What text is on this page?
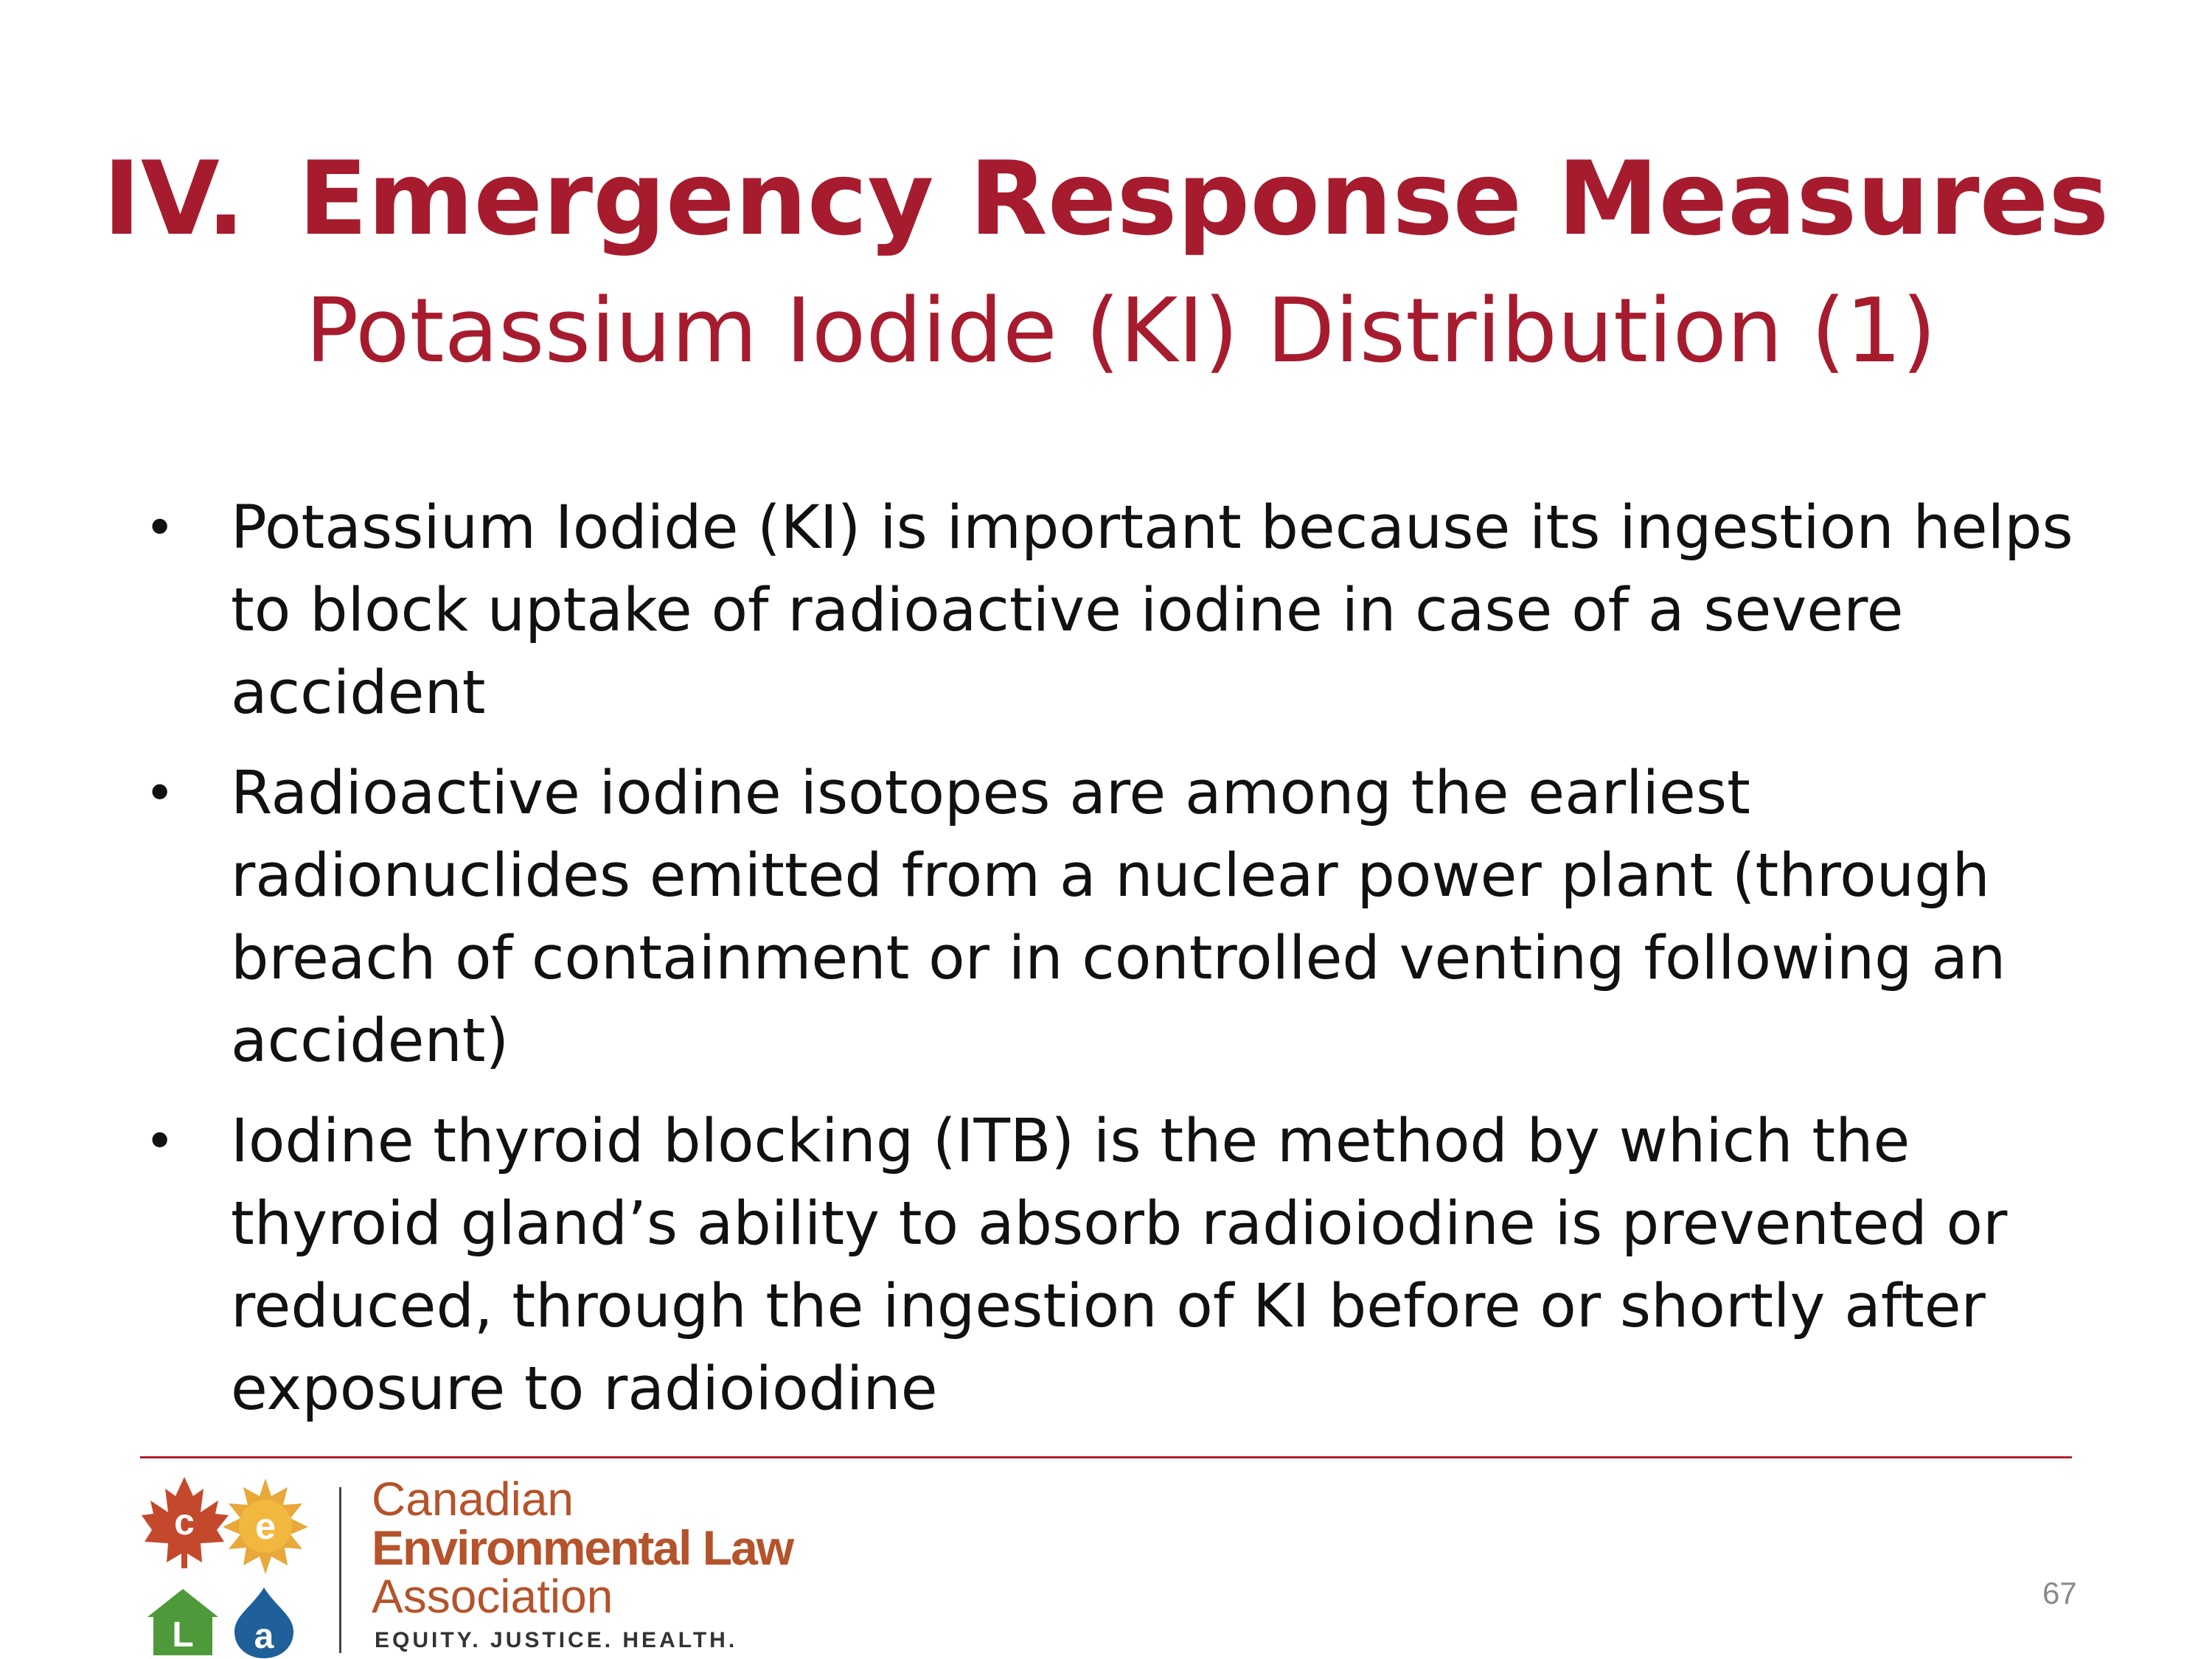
IV. Emergency Response Measures
Potassium Iodide (KI) Distribution (1)
• Potassium Iodide (KI) is important because its ingestion helps to block uptake of radioactive iodine in case of a severe accident
• Radioactive iodine isotopes are among the earliest radionuclides emitted from a nuclear power plant (through breach of containment or in controlled venting following an accident)
• Iodine thyroid blocking (ITB) is the method by which the thyroid gland’s ability to absorb radioiodine is prevented or reduced, through the ingestion of KI before or shortly after exposure to radioiodine
c e
L a
Canadian
Environmental Law
Association
EQUITY. JUSTICE. HEALTH.
67
